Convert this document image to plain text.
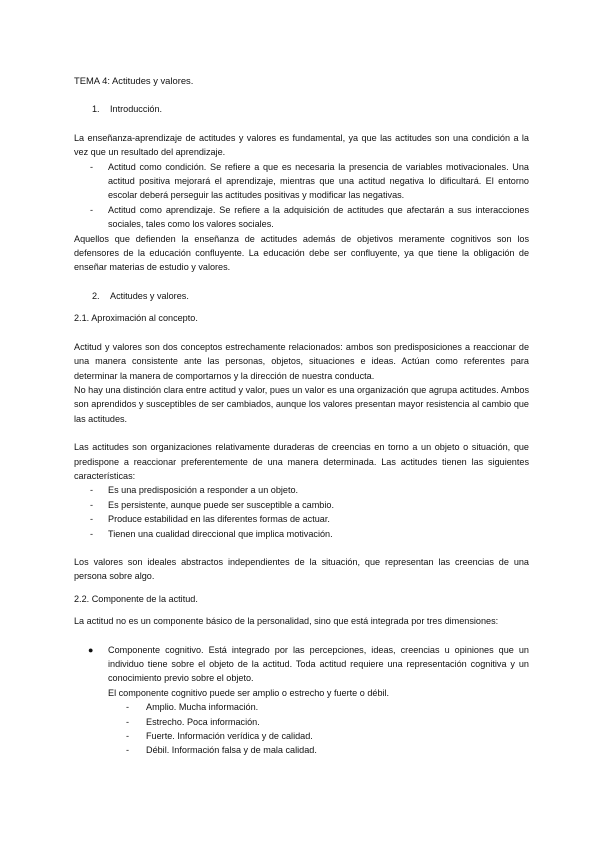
TEMA 4: Actitudes y valores.

1. Introducción.

La enseñanza-aprendizaje de actitudes y valores es fundamental, ya que las actitudes son una condición a la vez que un resultado del aprendizaje.

- Actitud como condición. Se refiere a que es necesaria la presencia de variables motivacionales. Una actitud positiva mejorará el aprendizaje, mientras que una actitud negativa lo dificultará. El entorno escolar deberá perseguir las actitudes positivas y modificar las negativas.
- Actitud como aprendizaje. Se refiere a la adquisición de actitudes que afectarán a sus interacciones sociales, tales como los valores sociales.

Aquellos que defienden la enseñanza de actitudes además de objetivos meramente cognitivos son los defensores de la educación confluyente. La educación debe ser confluyente, ya que tiene la obligación de enseñar materias de estudio y valores.

2. Actitudes y valores.

2.1. Aproximación al concepto.

Actitud y valores son dos conceptos estrechamente relacionados: ambos son predisposiciones a reaccionar de una manera consistente ante las personas, objetos, situaciones e ideas. Actúan como referentes para determinar la manera de comportarnos y la dirección de nuestra conducta.

No hay una distinción clara entre actitud y valor, pues un valor es una organización que agrupa actitudes. Ambos son aprendidos y susceptibles de ser cambiados, aunque los valores presentan mayor resistencia al cambio que las actitudes.

Las actitudes son organizaciones relativamente duraderas de creencias en torno a un objeto o situación, que predispone a reaccionar preferentemente de una manera determinada. Las actitudes tienen las siguientes características:

- Es una predisposición a responder a un objeto.
- Es persistente, aunque puede ser susceptible a cambio.
- Produce estabilidad en las diferentes formas de actuar.
- Tienen una cualidad direccional que implica motivación.

Los valores son ideales abstractos independientes de la situación, que representan las creencias de una persona sobre algo.

2.2. Componente de la actitud.

La actitud no es un componente básico de la personalidad, sino que está integrada por tres dimensiones:

● Componente cognitivo. Está integrado por las percepciones, ideas, creencias u opiniones que un individuo tiene sobre el objeto de la actitud. Toda actitud requiere una representación cognitiva y un conocimiento previo sobre el objeto.

El componente cognitivo puede ser amplio o estrecho y fuerte o débil.

- Amplio. Mucha información.
- Estrecho. Poca información.
- Fuerte. Información verídica y de calidad.
- Débil. Información falsa y de mala calidad.
